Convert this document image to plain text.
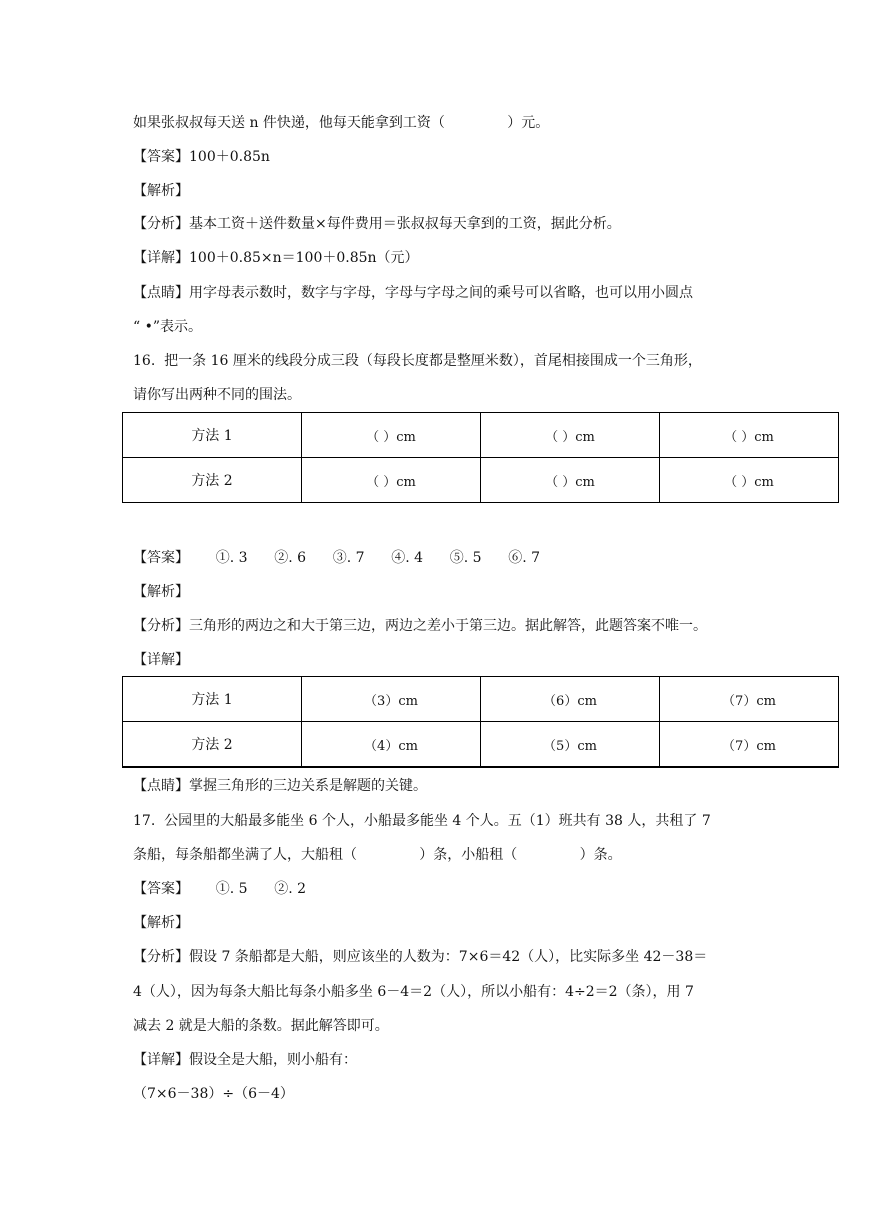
如果张叔叔每天送 n 件快递，他每天能拿到工资（              ）元。
【答案】100＋0.85n
【解析】
【分析】基本工资＋送件数量×每件费用＝张叔叔每天拿到的工资，据此分析。
【详解】100＋0.85×n＝100＋0.85n（元）
【点睛】用字母表示数时，数字与字母，字母与字母之间的乘号可以省略，也可以用小圆点
“ •”表示。
16.  把一条 16 厘米的线段分成三段（每段长度都是整厘米数），首尾相接围成一个三角形，
请你写出两种不同的围法。
方法 1	（ ）cm	（ ）cm	（ ）cm
方法 2	（ ）cm	（ ）cm	（ ）cm
【答案】      ①. 3      ②. 6      ③. 7      ④. 4      ⑤. 5      ⑥. 7
【解析】
【分析】三角形的两边之和大于第三边，两边之差小于第三边。据此解答，此题答案不唯一。
【详解】
方法 1	（3）cm	（6）cm	（7）cm
方法 2	（4）cm	（5）cm	（7）cm
【点睛】掌握三角形的三边关系是解题的关键。
17.  公园里的大船最多能坐 6 个人，小船最多能坐 4 个人。五（1）班共有 38 人，共租了 7
条船，每条船都坐满了人，大船租（              ）条，小船租（              ）条。
【答案】      ①. 5      ②. 2
【解析】
【分析】假设 7 条船都是大船，则应该坐的人数为：7×6＝42（人），比实际多坐 42－38＝
4（人），因为每条大船比每条小船多坐 6－4＝2（人），所以小船有：4÷2＝2（条），用 7
减去 2 就是大船的条数。据此解答即可。
【详解】假设全是大船，则小船有：
（7×6－38）÷（6－4）
